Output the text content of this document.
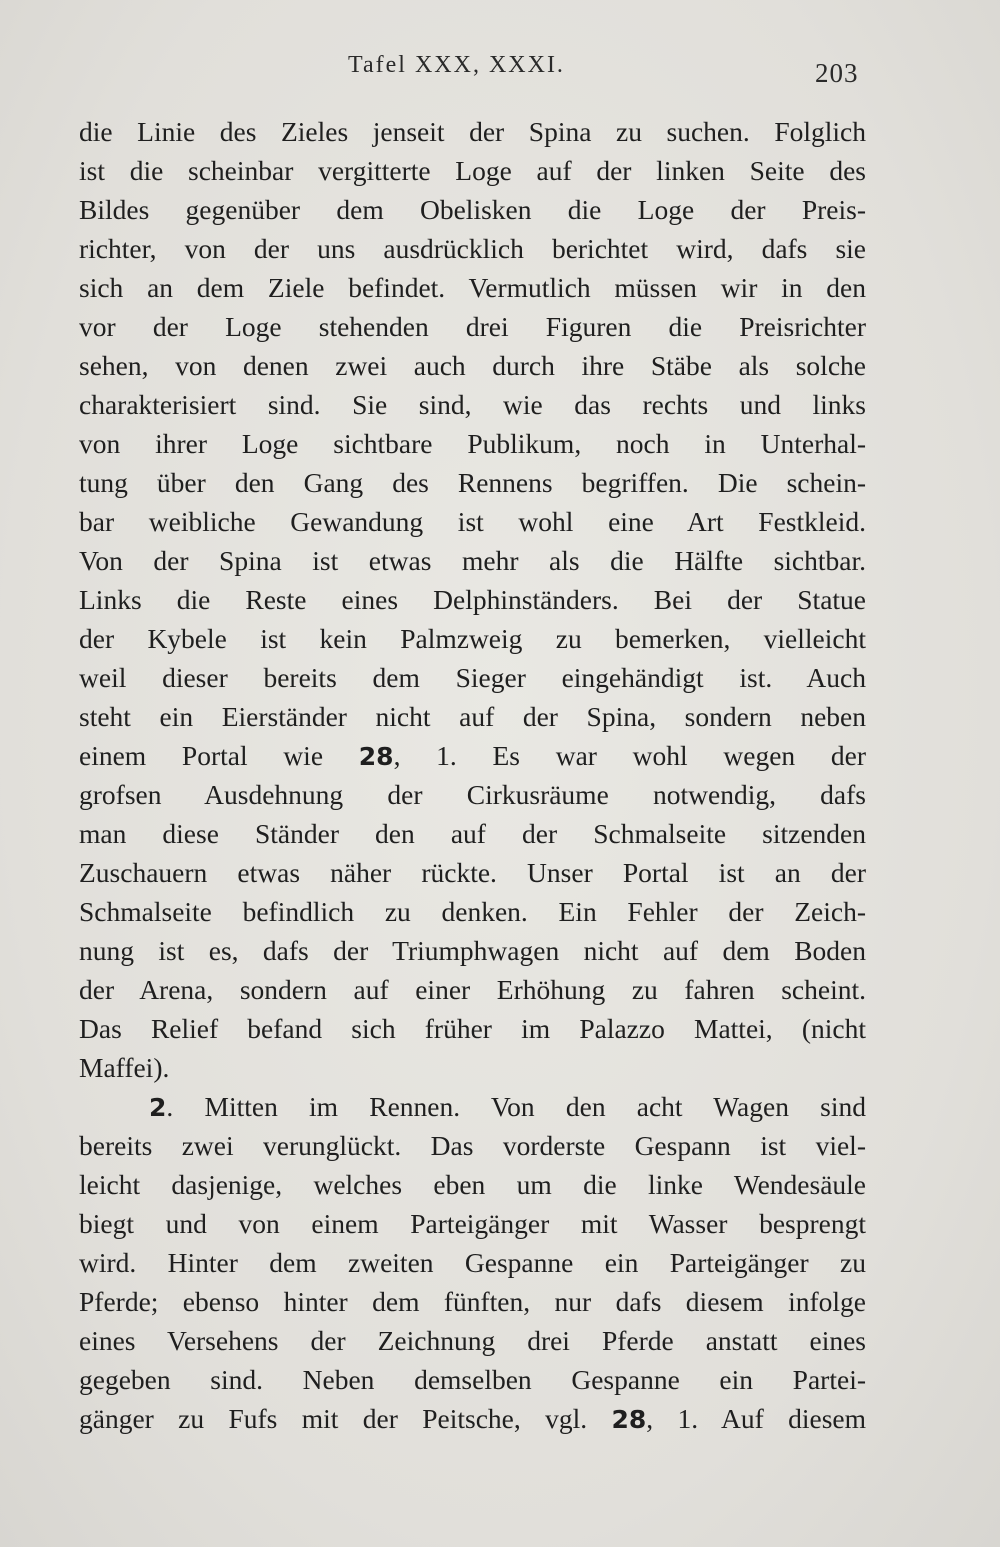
Tafel XXX, XXXI.	203
die Linie des Zieles jenseit der Spina zu suchen. Folglich
ist die scheinbar vergitterte Loge auf der linken Seite des
Bildes gegenüber dem Obelisken die Loge der Preis-
richter, von der uns ausdrücklich berichtet wird, dafs sie
sich an dem Ziele befindet. Vermutlich müssen wir in den
vor der Loge stehenden drei Figuren die Preisrichter
sehen, von denen zwei auch durch ihre Stäbe als solche
charakterisiert sind. Sie sind, wie das rechts und links
von ihrer Loge sichtbare Publikum, noch in Unterhal-
tung über den Gang des Rennens begriffen. Die schein-
bar weibliche Gewandung ist wohl eine Art Festkleid.
Von der Spina ist etwas mehr als die Hälfte sichtbar.
Links die Reste eines Delphinständers. Bei der Statue
der Kybele ist kein Palmzweig zu bemerken, vielleicht
weil dieser bereits dem Sieger eingehändigt ist. Auch
steht ein Eierständer nicht auf der Spina, sondern neben
einem Portal wie 28, 1. Es war wohl wegen der
grofsen Ausdehnung der Cirkusräume notwendig, dafs
man diese Ständer den auf der Schmalseite sitzenden
Zuschauern etwas näher rückte. Unser Portal ist an der
Schmalseite befindlich zu denken. Ein Fehler der Zeich-
nung ist es, dafs der Triumphwagen nicht auf dem Boden
der Arena, sondern auf einer Erhöhung zu fahren scheint.
Das Relief befand sich früher im Palazzo Mattei, (nicht
Maffei).
2. Mitten im Rennen. Von den acht Wagen sind
bereits zwei verunglückt. Das vorderste Gespann ist viel-
leicht dasjenige, welches eben um die linke Wendesäule
biegt und von einem Parteigänger mit Wasser besprengt
wird. Hinter dem zweiten Gespanne ein Parteigänger zu
Pferde; ebenso hinter dem fünften, nur dafs diesem infolge
eines Versehens der Zeichnung drei Pferde anstatt eines
gegeben sind. Neben demselben Gespanne ein Partei-
gänger zu Fufs mit der Peitsche, vgl. 28, 1. Auf diesem
